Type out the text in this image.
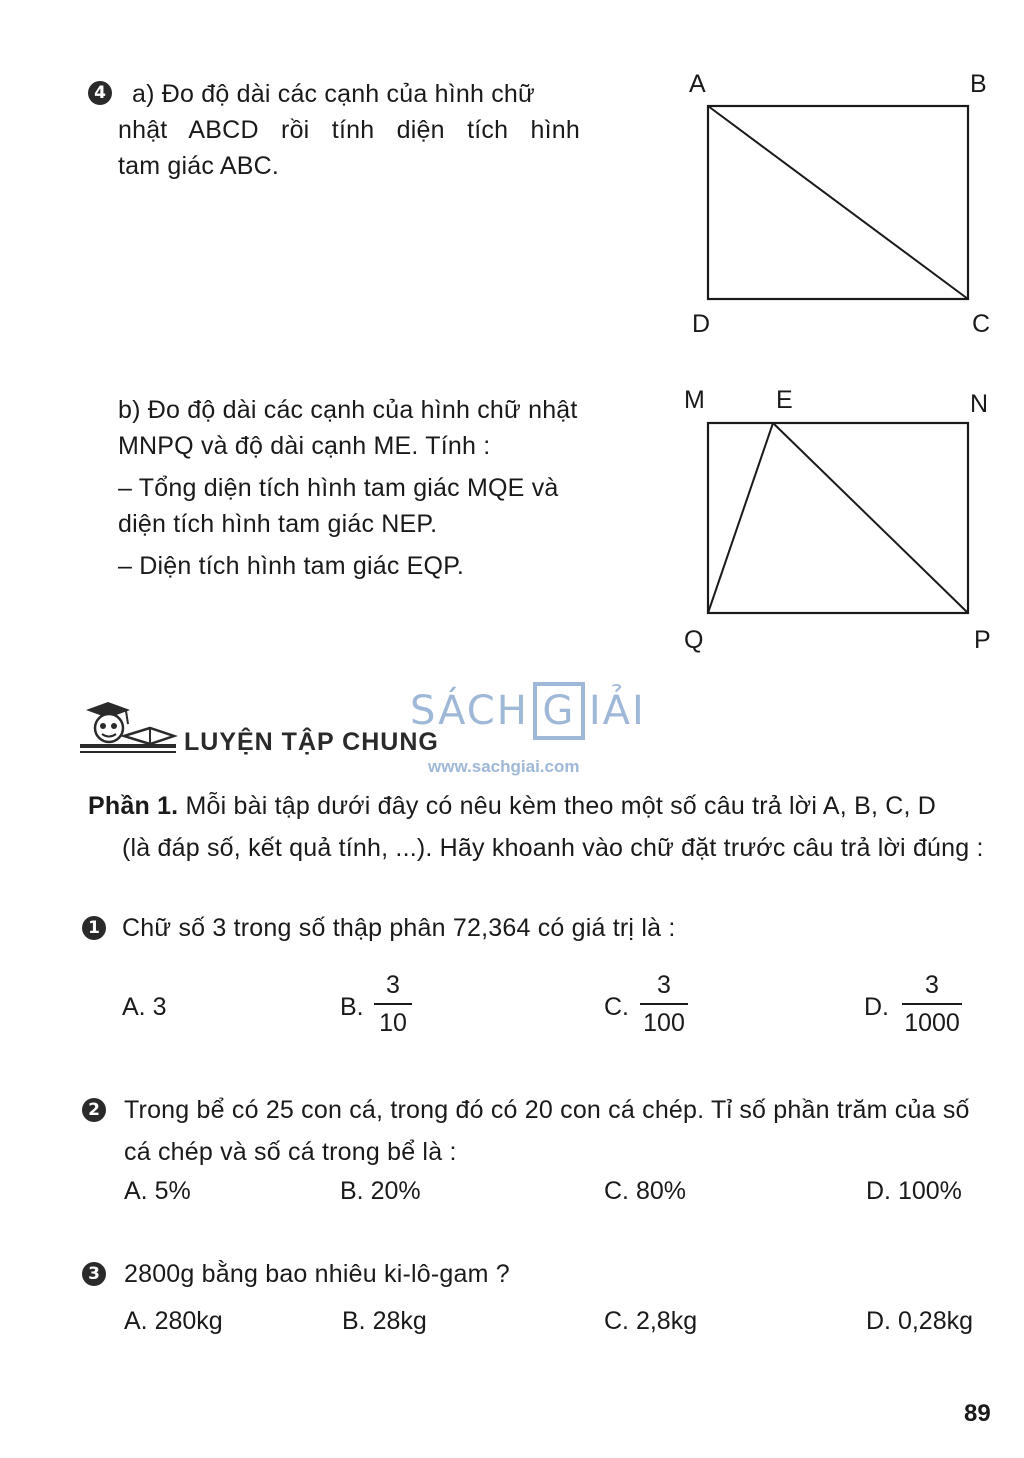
4 a) Đo độ dài các cạnh của hình chữ
nhật ABCD rồi tính diện tích hình
tam giác ABC.
A	B
D	C
b) Đo độ dài các cạnh của hình chữ nhật
MNPQ và độ dài cạnh ME. Tính :
– Tổng diện tích hình tam giác MQE và
diện tích hình tam giác NEP.
– Diện tích hình tam giác EQP.
M	E	N
Q	P
LUYỆN TẬP CHUNG
SÁCH G IẢI
www.sachgiai.com
Phần 1. Mỗi bài tập dưới đây có nêu kèm theo một số câu trả lời A, B, C, D
(là đáp số, kết quả tính, ...). Hãy khoanh vào chữ đặt trước câu trả lời đúng :
1 Chữ số 3 trong số thập phân 72,364 có giá trị là :
A. 3	B.
3
10
C.
3
100
D.
3
1000
2 Trong bể có 25 con cá, trong đó có 20 con cá chép. Tỉ số phần trăm của số
cá chép và số cá trong bể là :
A. 5%	B. 20%	C. 80%	D. 100%
3 2800g bằng bao nhiêu ki-lô-gam ?
A. 280kg	B. 28kg	C. 2,8kg	D. 0,28kg
89
